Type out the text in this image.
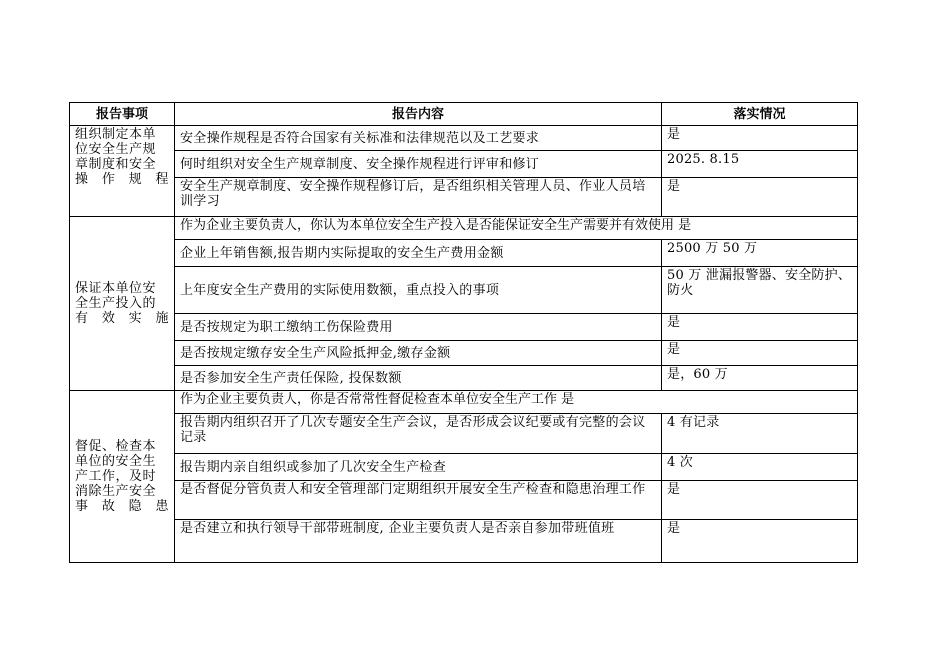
报告事项	报告内容	落实情况
组织制定本单位安全生产规章制度和安全操作规程	安全操作规程是否符合国家有关标准和法律规范以及工艺要求	是
	何时组织对安全生产规章制度、安全操作规程进行评审和修订	2025. 8.15
	安全生产规章制度、安全操作规程修订后，是否组织相关管理人员、作业人员培训学习	是
保证本单位安全生产投入的有效实施	作为企业主要负责人，你认为本单位安全生产投入是否能保证安全生产需要并有效使用 是	
	企业上年销售额,报告期内实际提取的安全生产费用金额	2500 万 50 万
	上年度安全生产费用的实际使用数额，重点投入的事项	50 万 泄漏报警器、安全防护、防火
	是否按规定为职工缴纳工伤保险费用	是
	是否按规定缴存安全生产风险抵押金,缴存金额	是
	是否参加安全生产责任保险, 投保数额	是，60 万
督促、检查本单位的安全生产工作，及时消除生产安全事故隐患	作为企业主要负责人，你是否常常性督促检查本单位安全生产工作 是	
	报告期内组织召开了几次专题安全生产会议，是否形成会议纪要或有完整的会议记录	4 有记录
	报告期内亲自组织或参加了几次安全生产检查	4 次
	是否督促分管负责人和安全管理部门定期组织开展安全生产检查和隐患治理工作	是
	是否建立和执行领导干部带班制度, 企业主要负责人是否亲自参加带班值班	是
